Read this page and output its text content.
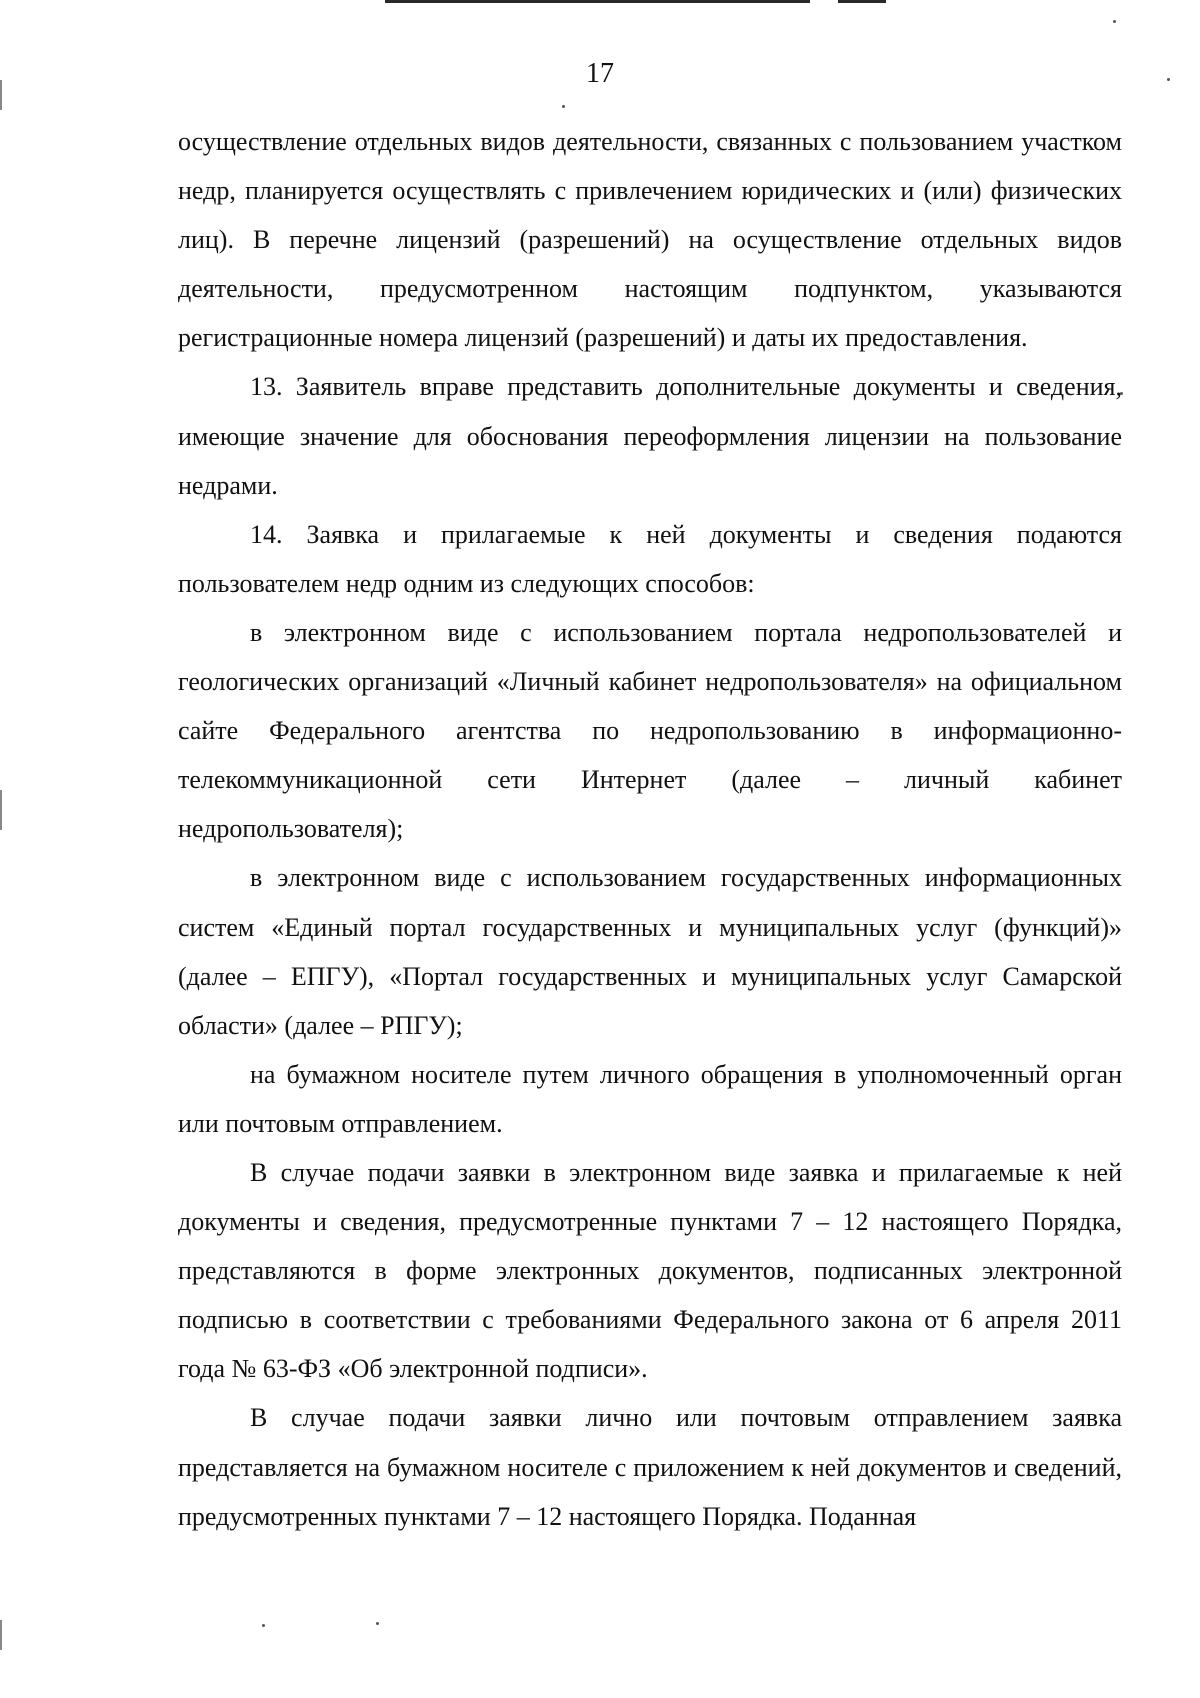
17

осуществление отдельных видов деятельности, связанных с пользованием участком недр, планируется осуществлять с привлечением юридических и (или) физических лиц). В перечне лицензий (разрешений) на осуществление отдельных видов деятельности, предусмотренном настоящим подпунктом, указываются регистрационные номера лицензий (разрешений) и даты их предоставления.

13. Заявитель вправе представить дополнительные документы и сведения, имеющие значение для обоснования переоформления лицензии на пользование недрами.

14. Заявка и прилагаемые к ней документы и сведения подаются пользователем недр одним из следующих способов:

в электронном виде с использованием портала недропользователей и геологических организаций «Личный кабинет недропользователя» на официальном сайте Федерального агентства по недропользованию в информационно-телекоммуникационной сети Интернет (далее – личный кабинет недропользователя);

в электронном виде с использованием государственных информационных систем «Единый портал государственных и муниципальных услуг (функций)» (далее – ЕПГУ), «Портал государственных и муниципальных услуг Самарской области» (далее – РПГУ);

на бумажном носителе путем личного обращения в уполномоченный орган или почтовым отправлением.

В случае подачи заявки в электронном виде заявка и прилагаемые к ней документы и сведения, предусмотренные пунктами 7 – 12 настоящего Порядка, представляются в форме электронных документов, подписанных электронной подписью в соответствии с требованиями Федерального закона от 6 апреля 2011 года № 63-ФЗ «Об электронной подписи».

В случае подачи заявки лично или почтовым отправлением заявка представляется на бумажном носителе с приложением к ней документов и сведений, предусмотренных пунктами 7 – 12 настоящего Порядка. Поданная
